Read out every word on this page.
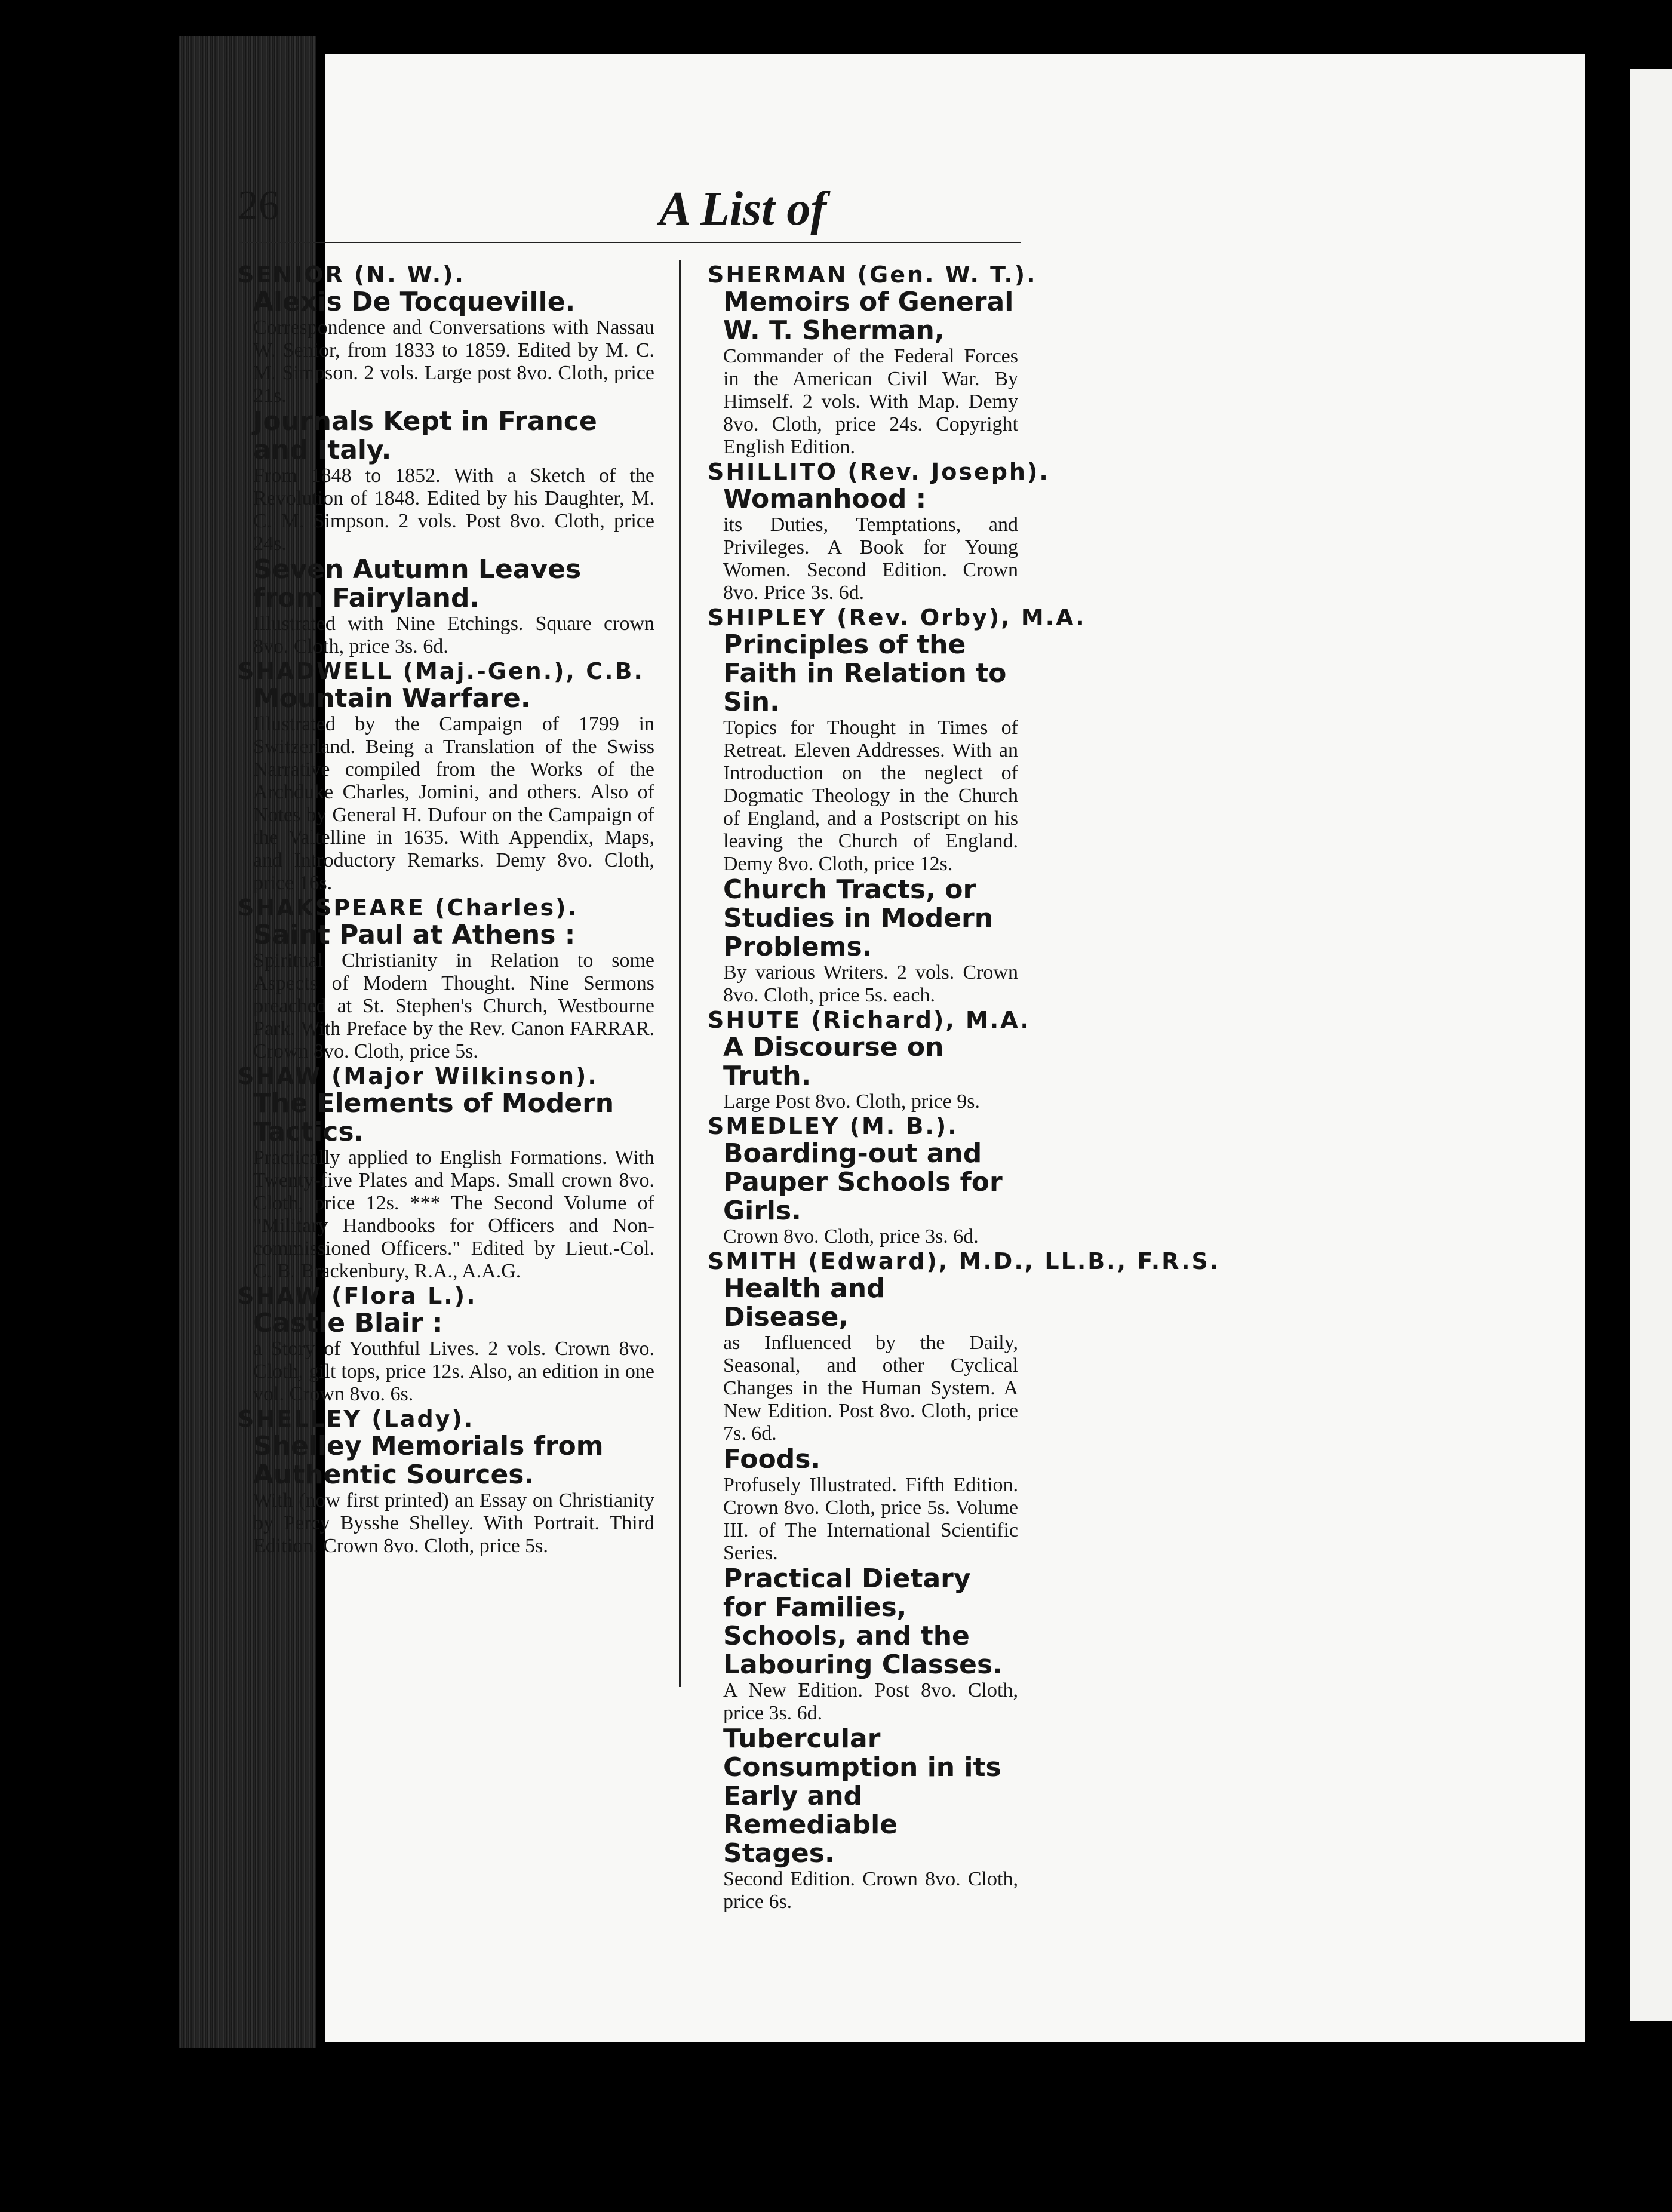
26	A List of
SENIOR (N. W.).
Alexis De Tocqueville.
Correspondence and Conversations with Nassau W. Senior, from 1833 to 1859. Edited by M. C. M. Simpson. 2 vols. Large post 8vo. Cloth, price 21s.
Journals Kept in France and Italy.
From 1848 to 1852. With a Sketch of the Revolution of 1848. Edited by his Daughter, M. C. M. Simpson. 2 vols. Post 8vo. Cloth, price 24s.
Seven Autumn Leaves from Fairyland.
Illustrated with Nine Etchings. Square crown 8vo. Cloth, price 3s. 6d.
SHADWELL (Maj.-Gen.), C.B.
Mountain Warfare.
Illustrated by the Campaign of 1799 in Switzerland. Being a Translation of the Swiss Narrative compiled from the Works of the Archduke Charles, Jomini, and others. Also of Notes by General H. Dufour on the Campaign of the Valtelline in 1635. With Appendix, Maps, and Introductory Remarks. Demy 8vo. Cloth, price 16s.
SHAKSPEARE (Charles).
Saint Paul at Athens :
Spiritual Christianity in Relation to some Aspects of Modern Thought. Nine Sermons preached at St. Stephen's Church, Westbourne Park. With Preface by the Rev. Canon FARRAR. Crown 8vo. Cloth, price 5s.
SHAW (Major Wilkinson).
The Elements of Modern Tactics.
Practically applied to English Formations. With Twenty-five Plates and Maps. Small crown 8vo. Cloth, price 12s. *** The Second Volume of "Military Handbooks for Officers and Non-commissioned Officers." Edited by Lieut.-Col. C. B. Brackenbury, R.A., A.A.G.
SHAW (Flora L.).
Castle Blair :
a Story of Youthful Lives. 2 vols. Crown 8vo. Cloth, gilt tops, price 12s. Also, an edition in one vol. Crown 8vo. 6s.
SHELLEY (Lady).
Shelley Memorials from Authentic Sources.
With (now first printed) an Essay on Christianity by Percy Bysshe Shelley. With Portrait. Third Edition. Crown 8vo. Cloth, price 5s.
SHERMAN (Gen. W. T.).
Memoirs of General W. T. Sherman,
Commander of the Federal Forces in the American Civil War. By Himself. 2 vols. With Map. Demy 8vo. Cloth, price 24s. Copyright English Edition.
SHILLITO (Rev. Joseph).
Womanhood :
its Duties, Temptations, and Privileges. A Book for Young Women. Second Edition. Crown 8vo. Price 3s. 6d.
SHIPLEY (Rev. Orby), M.A.
Principles of the Faith in Relation to Sin.
Topics for Thought in Times of Retreat. Eleven Addresses. With an Introduction on the neglect of Dogmatic Theology in the Church of England, and a Postscript on his leaving the Church of England. Demy 8vo. Cloth, price 12s.
Church Tracts, or Studies in Modern Problems.
By various Writers. 2 vols. Crown 8vo. Cloth, price 5s. each.
SHUTE (Richard), M.A.
A Discourse on Truth.
Large Post 8vo. Cloth, price 9s.
SMEDLEY (M. B.).
Boarding-out and Pauper Schools for Girls.
Crown 8vo. Cloth, price 3s. 6d.
SMITH (Edward), M.D., LL.B., F.R.S.
Health and Disease,
as Influenced by the Daily, Seasonal, and other Cyclical Changes in the Human System. A New Edition. Post 8vo. Cloth, price 7s. 6d.
Foods.
Profusely Illustrated. Fifth Edition. Crown 8vo. Cloth, price 5s. Volume III. of The International Scientific Series.
Practical Dietary for Families, Schools, and the Labouring Classes.
A New Edition. Post 8vo. Cloth, price 3s. 6d.
Tubercular Consumption in its Early and Remediable Stages.
Second Edition. Crown 8vo. Cloth, price 6s.
